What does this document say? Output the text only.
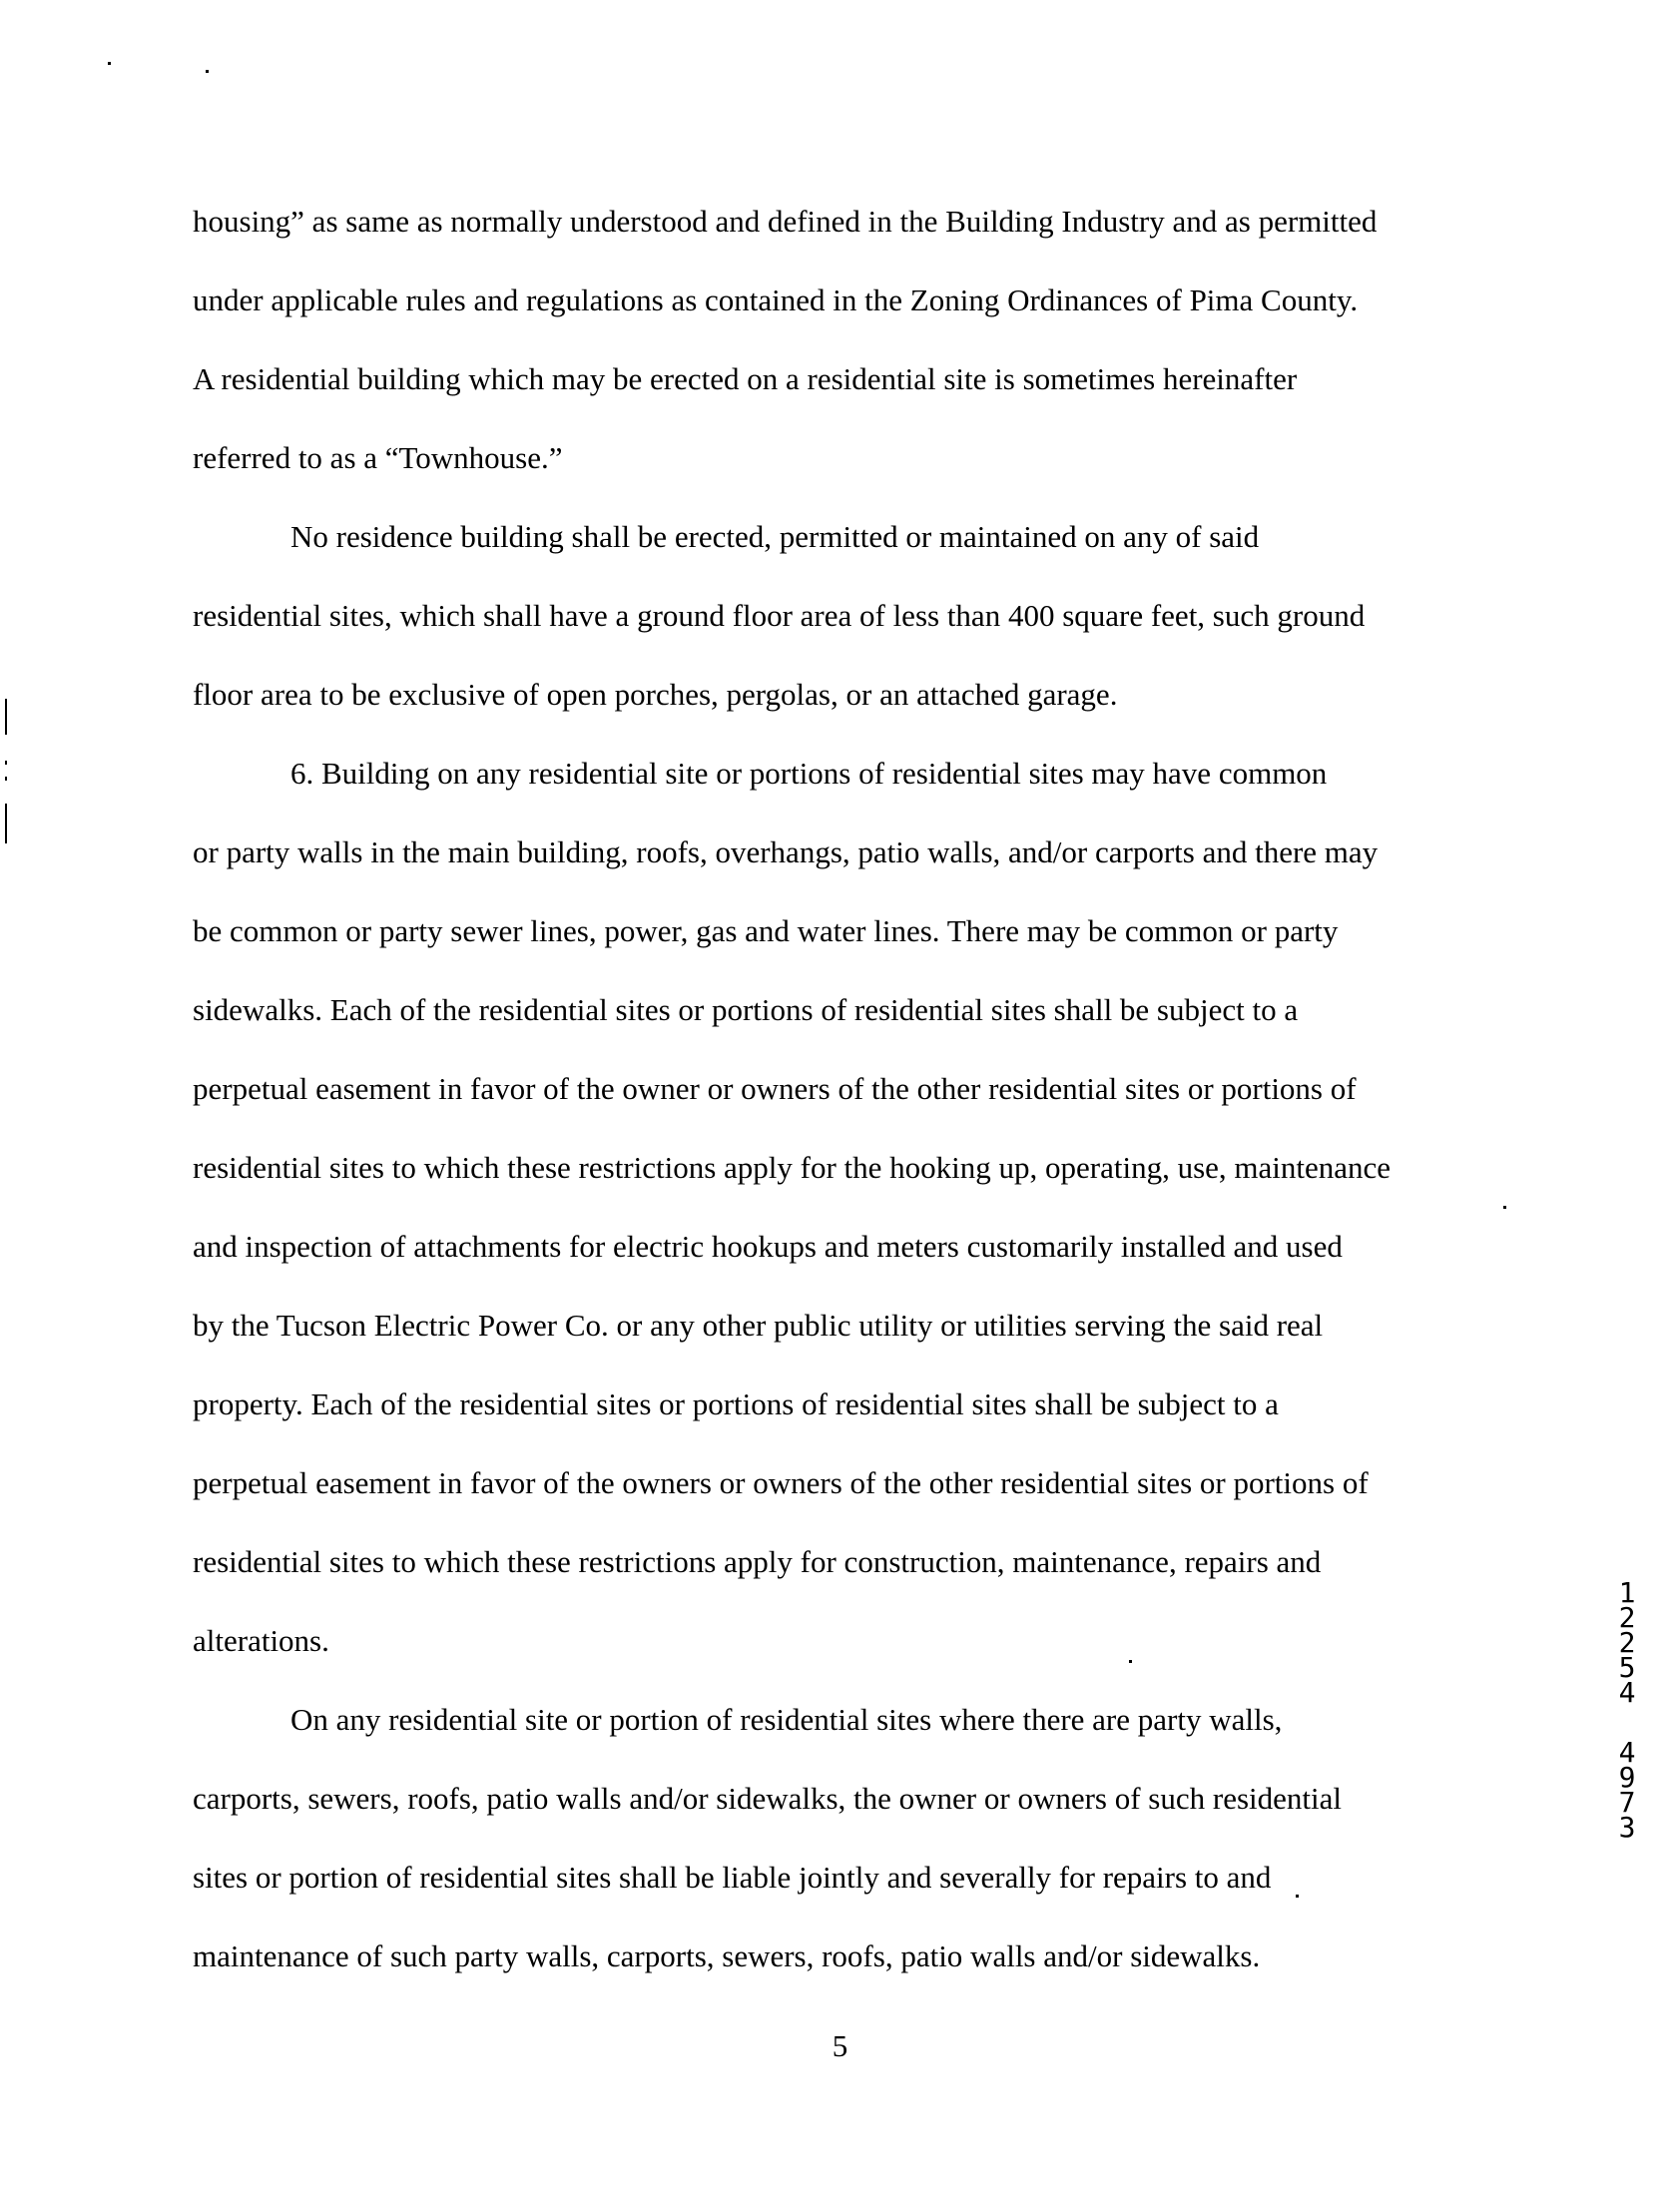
housing” as same as normally understood and defined in the Building Industry and as permitted
under applicable rules and regulations as contained in the Zoning Ordinances of Pima County.
A residential building which may be erected on a residential site is sometimes hereinafter
referred to as a “Townhouse.”
No residence building shall be erected, permitted or maintained on any of said
residential sites, which shall have a ground floor area of less than 400 square feet, such ground
floor area to be exclusive of open porches, pergolas, or an attached garage.
6. Building on any residential site or portions of residential sites may have common
or party walls in the main building, roofs, overhangs, patio walls, and/or carports and there may
be common or party sewer lines, power, gas and water lines. There may be common or party
sidewalks. Each of the residential sites or portions of residential sites shall be subject to a
perpetual easement in favor of the owner or owners of the other residential sites or portions of
residential sites to which these restrictions apply for the hooking up, operating, use, maintenance
and inspection of attachments for electric hookups and meters customarily installed and used
by the Tucson Electric Power Co. or any other public utility or utilities serving the said real
property. Each of the residential sites or portions of residential sites shall be subject to a
perpetual easement in favor of the owners or owners of the other residential sites or portions of
residential sites to which these restrictions apply for construction, maintenance, repairs and
alterations.
On any residential site or portion of residential sites where there are party walls,
carports, sewers, roofs, patio walls and/or sidewalks, the owner or owners of such residential
sites or portion of residential sites shall be liable jointly and severally for repairs to and
maintenance of such party walls, carports, sewers, roofs, patio walls and/or sidewalks.
5
1
2
2
5
4
4
9
7
3
